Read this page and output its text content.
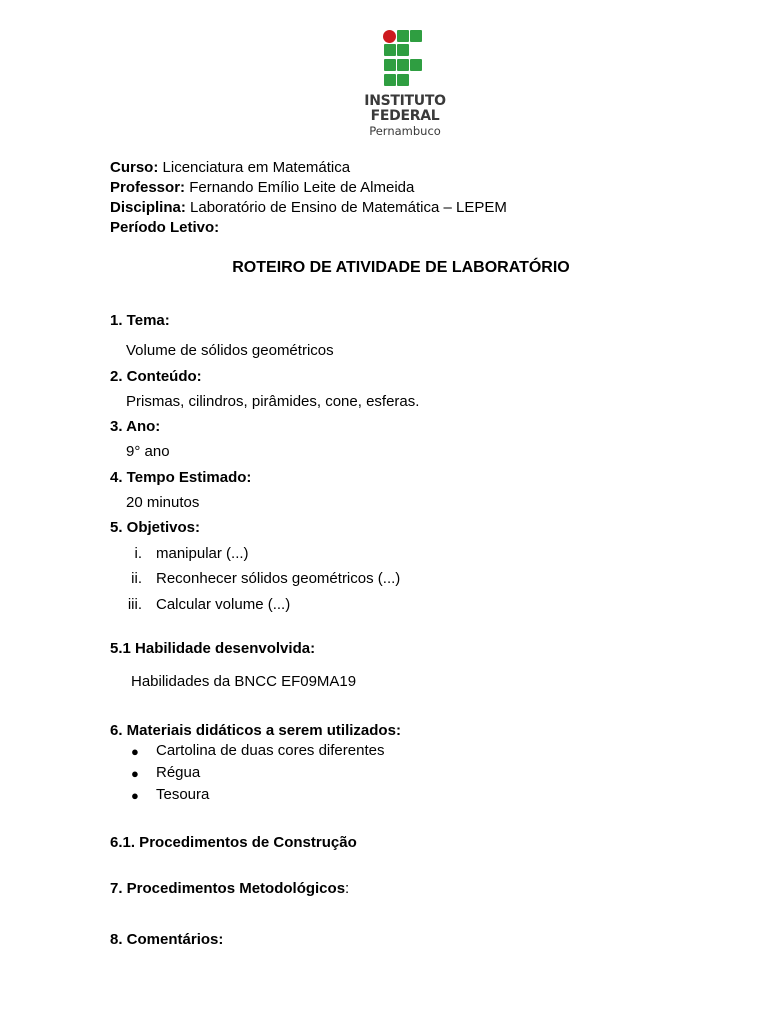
INSTITUTO
FEDERAL
Pernambuco
Curso: Licenciatura em Matemática
Professor: Fernando Emílio Leite de Almeida
Disciplina: Laboratório de Ensino de Matemática – LEPEM
Período Letivo:
ROTEIRO DE ATIVIDADE DE LABORATÓRIO
1. Tema:
Volume de sólidos geométricos
2. Conteúdo:
Prismas, cilindros, pirâmides, cone, esferas.
3. Ano:
9° ano
4. Tempo Estimado:
20 minutos
5. Objetivos:
i. manipular (...)
ii. Reconhecer sólidos geométricos (...)
iii. Calcular volume (...)
5.1 Habilidade desenvolvida:
Habilidades da BNCC EF09MA19
6. Materiais didáticos a serem utilizados:
● Cartolina de duas cores diferentes
● Régua
● Tesoura
6.1. Procedimentos de Construção
7. Procedimentos Metodológicos:
8. Comentários:
